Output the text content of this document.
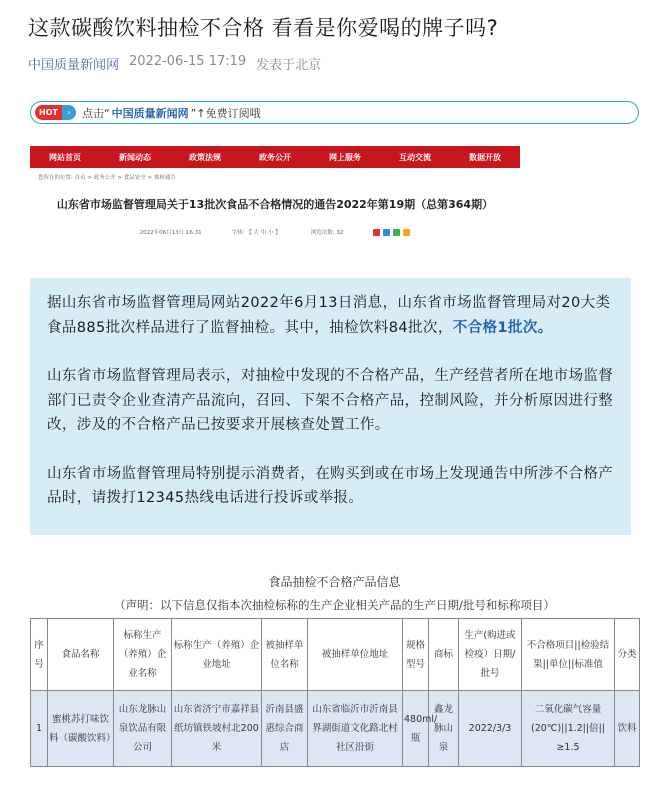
这款碳酸饮料抽检不合格 看看是你爱喝的牌子吗?
中国质量新闻网 2022-06-15 17:19 发表于北京
HOT	›	点击“ 中国质量新闻网 ”↑免费订阅哦
网站首页	新闻动态	政策法规	政务公开	网上服务	互动交流	数据开放
您所在的位置: 首页 > 政务公开 > 食品安全 > 抽检通告
山东省市场监督管理局关于13批次食品不合格情况的通告2022年第19期（总第364期）
2022年06月13日 16:31	字体: 【 大 中 小 】	浏览次数: 32

据山东省市场监督管理局网站2022年6月13日消息，山东省市场监督管理局对20大类食品885批次样品进行了监督抽检。其中，抽检饮料84批次，不合格1批次。

山东省市场监督管理局表示，对抽检中发现的不合格产品，生产经营者所在地市场监督部门已责令企业查清产品流向，召回、下架不合格产品，控制风险，并分析原因进行整改，涉及的不合格产品已按要求开展核查处置工作。

山东省市场监督管理局特别提示消费者，在购买到或在市场上发现通告中所涉不合格产品时，请拨打12345热线电话进行投诉或举报。

食品抽检不合格产品信息
（声明：以下信息仅指本次抽检标称的生产企业相关产品的生产日期/批号和标称项目）
序号	食品名称	标称生产（养殖）企业名称	标称生产（养殖）企业地址	被抽样单位名称	被抽样单位地址	规格型号	商标	生产(购进或检疫）日期/批号	不合格项目||检验结果||单位||标准值	分类
1	蜜桃苏打味饮料（碳酸饮料）	山东龙脉山泉饮品有限公司	山东省济宁市嘉祥县纸坊镇铁坡村北200米	沂南县盛惠综合商店	山东省临沂市沂南县界湖街道文化路北村社区沿街	480ml/瓶	鑫龙脉山泉	2022/3/3	二氧化碳气容量(20℃)||1.2||倍||≥1.5	饮料
